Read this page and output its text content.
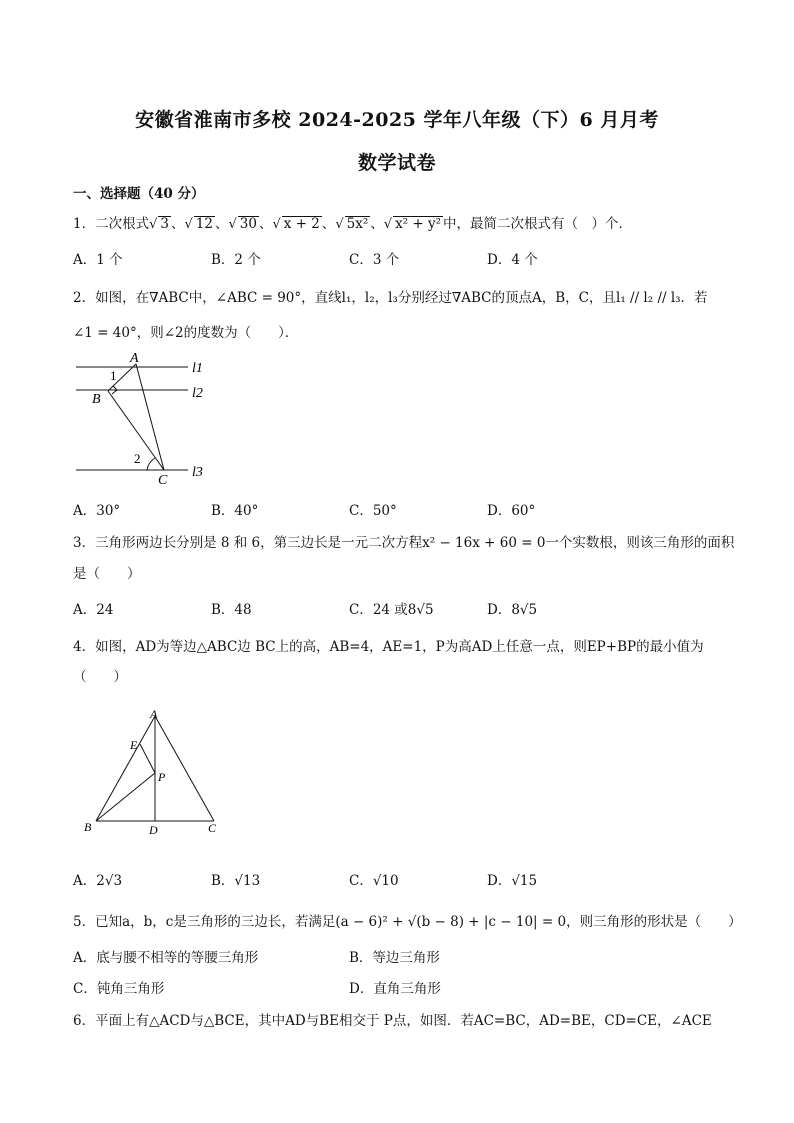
安徽省淮南市多校 2024-2025 学年八年级（下）6 月月考
数学试卷
一、选择题（40 分）
1．二次根式√ 3 、√ 12 、√ 30 、√ x + 2 、√ 5x² 、√ x² + y² 中，最简二次根式有（　）个．
A．1 个	B．2 个	C．3 个	D．4 个
2．如图，在∇ABC中，∠ABC = 90°，直线l₁，l₂，l₃分别经过∇ABC的顶点A，B，C，且l₁ // l₂ // l₃．若
∠1 = 40°，则∠2的度数为（　　）．
A
B
C
1
2
l1
l2
l3
A．30°	B．40°	C．50°	D．60°
3．三角形两边长分别是 8 和 6，第三边长是一元二次方程x² − 16x + 60 = 0一个实数根，则该三角形的面积
是（　　）
A．24	B．48	C．24 或8√5	D．8√5
4．如图，AD为等边△ABC边 BC上的高，AB=4，AE=1，P为高AD上任意一点，则EP+BP的最小值为
（　　）
A
E
P
B	D	C
A．2√3	B．√13	C．√10	D．√15
5．已知a，b，c是三角形的三边长，若满足(a − 6)² + √(b − 8) + |c − 10| = 0，则三角形的形状是（　　）
A．底与腰不相等的等腰三角形	B．等边三角形
C．钝角三角形	D．直角三角形
6．平面上有△ACD与△BCE，其中AD与BE相交于 P点，如图．若AC=BC，AD=BE，CD=CE，∠ACE
